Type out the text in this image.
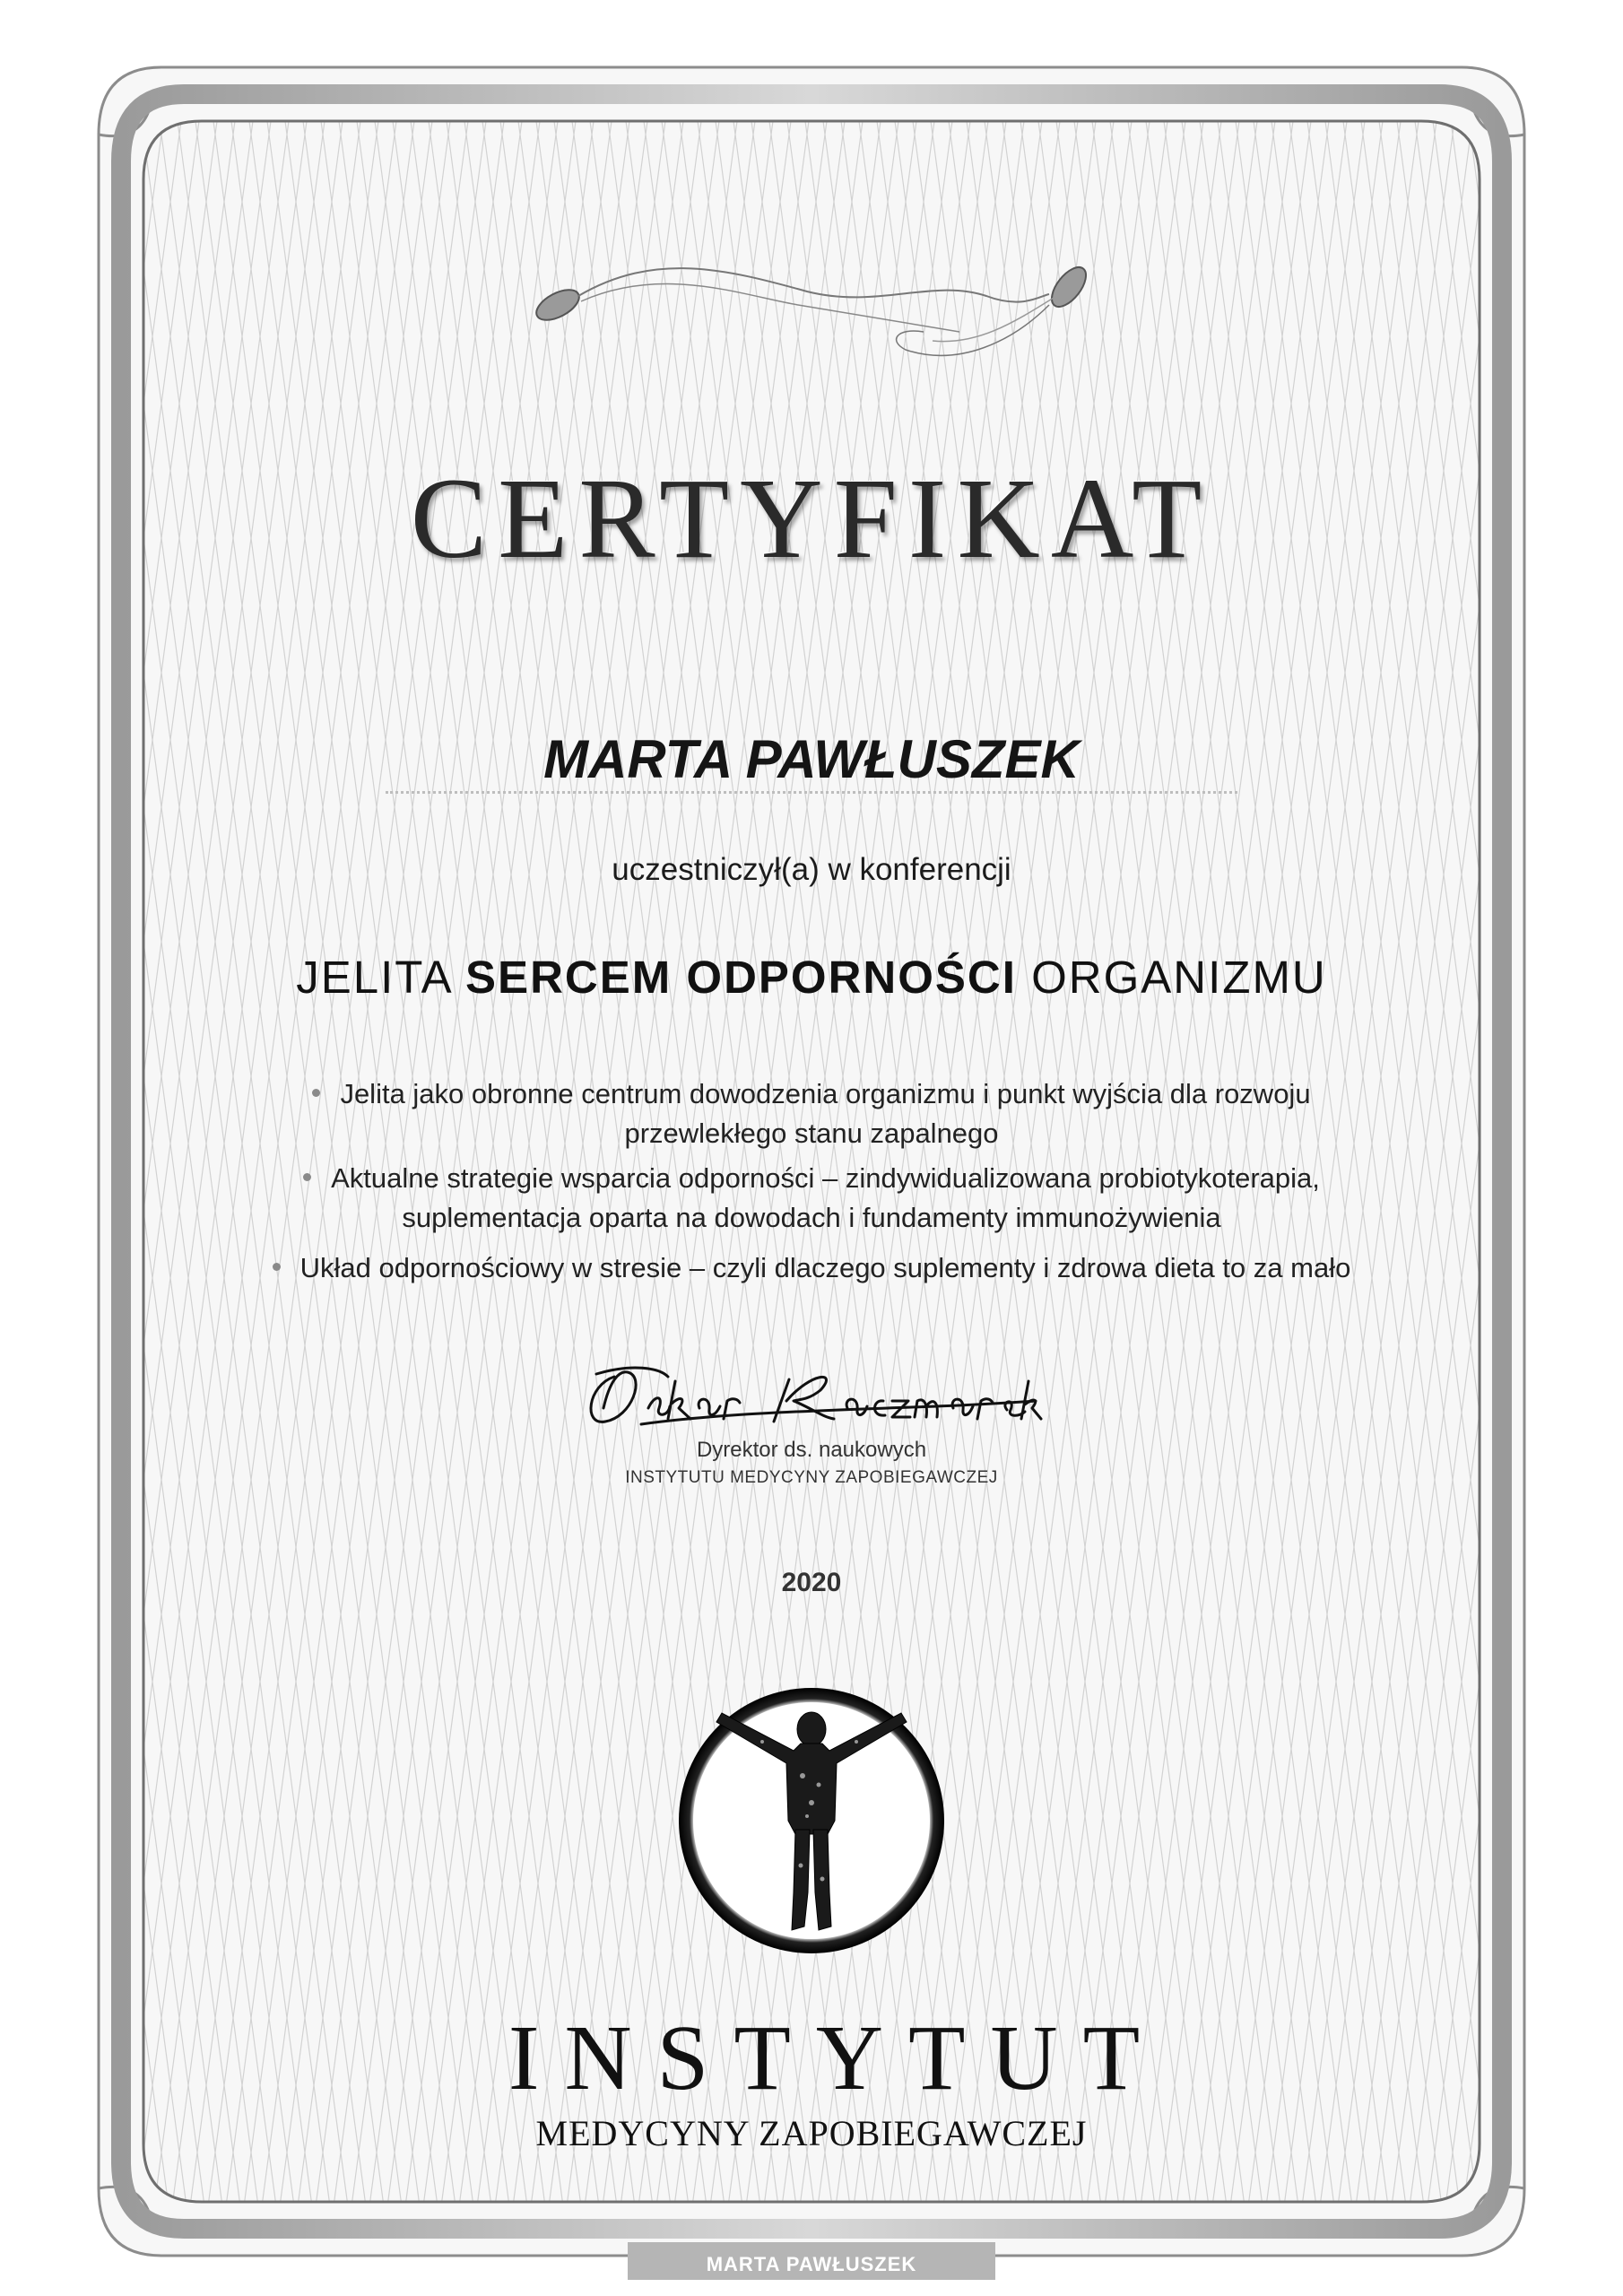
CERTYFIKAT
MARTA PAWŁUSZEK
uczestniczył(a) w konferencji
JELITA SERCEM ODPORNOŚCI ORGANIZMU
Jelita jako obronne centrum dowodzenia organizmu i punkt wyjścia dla rozwoju
przewlekłego stanu zapalnego
Aktualne strategie wsparcia odporności – zindywidualizowana probiotykoterapia,
suplementacja oparta na dowodach i fundamenty immunożywienia
Układ odpornościowy w stresie – czyli dlaczego suplementy i zdrowa dieta to za mało
Dyrektor ds. naukowych
INSTYTUTU MEDYCYNY ZAPOBIEGAWCZEJ
2020
INSTYTUT
MEDYCYNY ZAPOBIEGAWCZEJ
MARTA PAWŁUSZEK
